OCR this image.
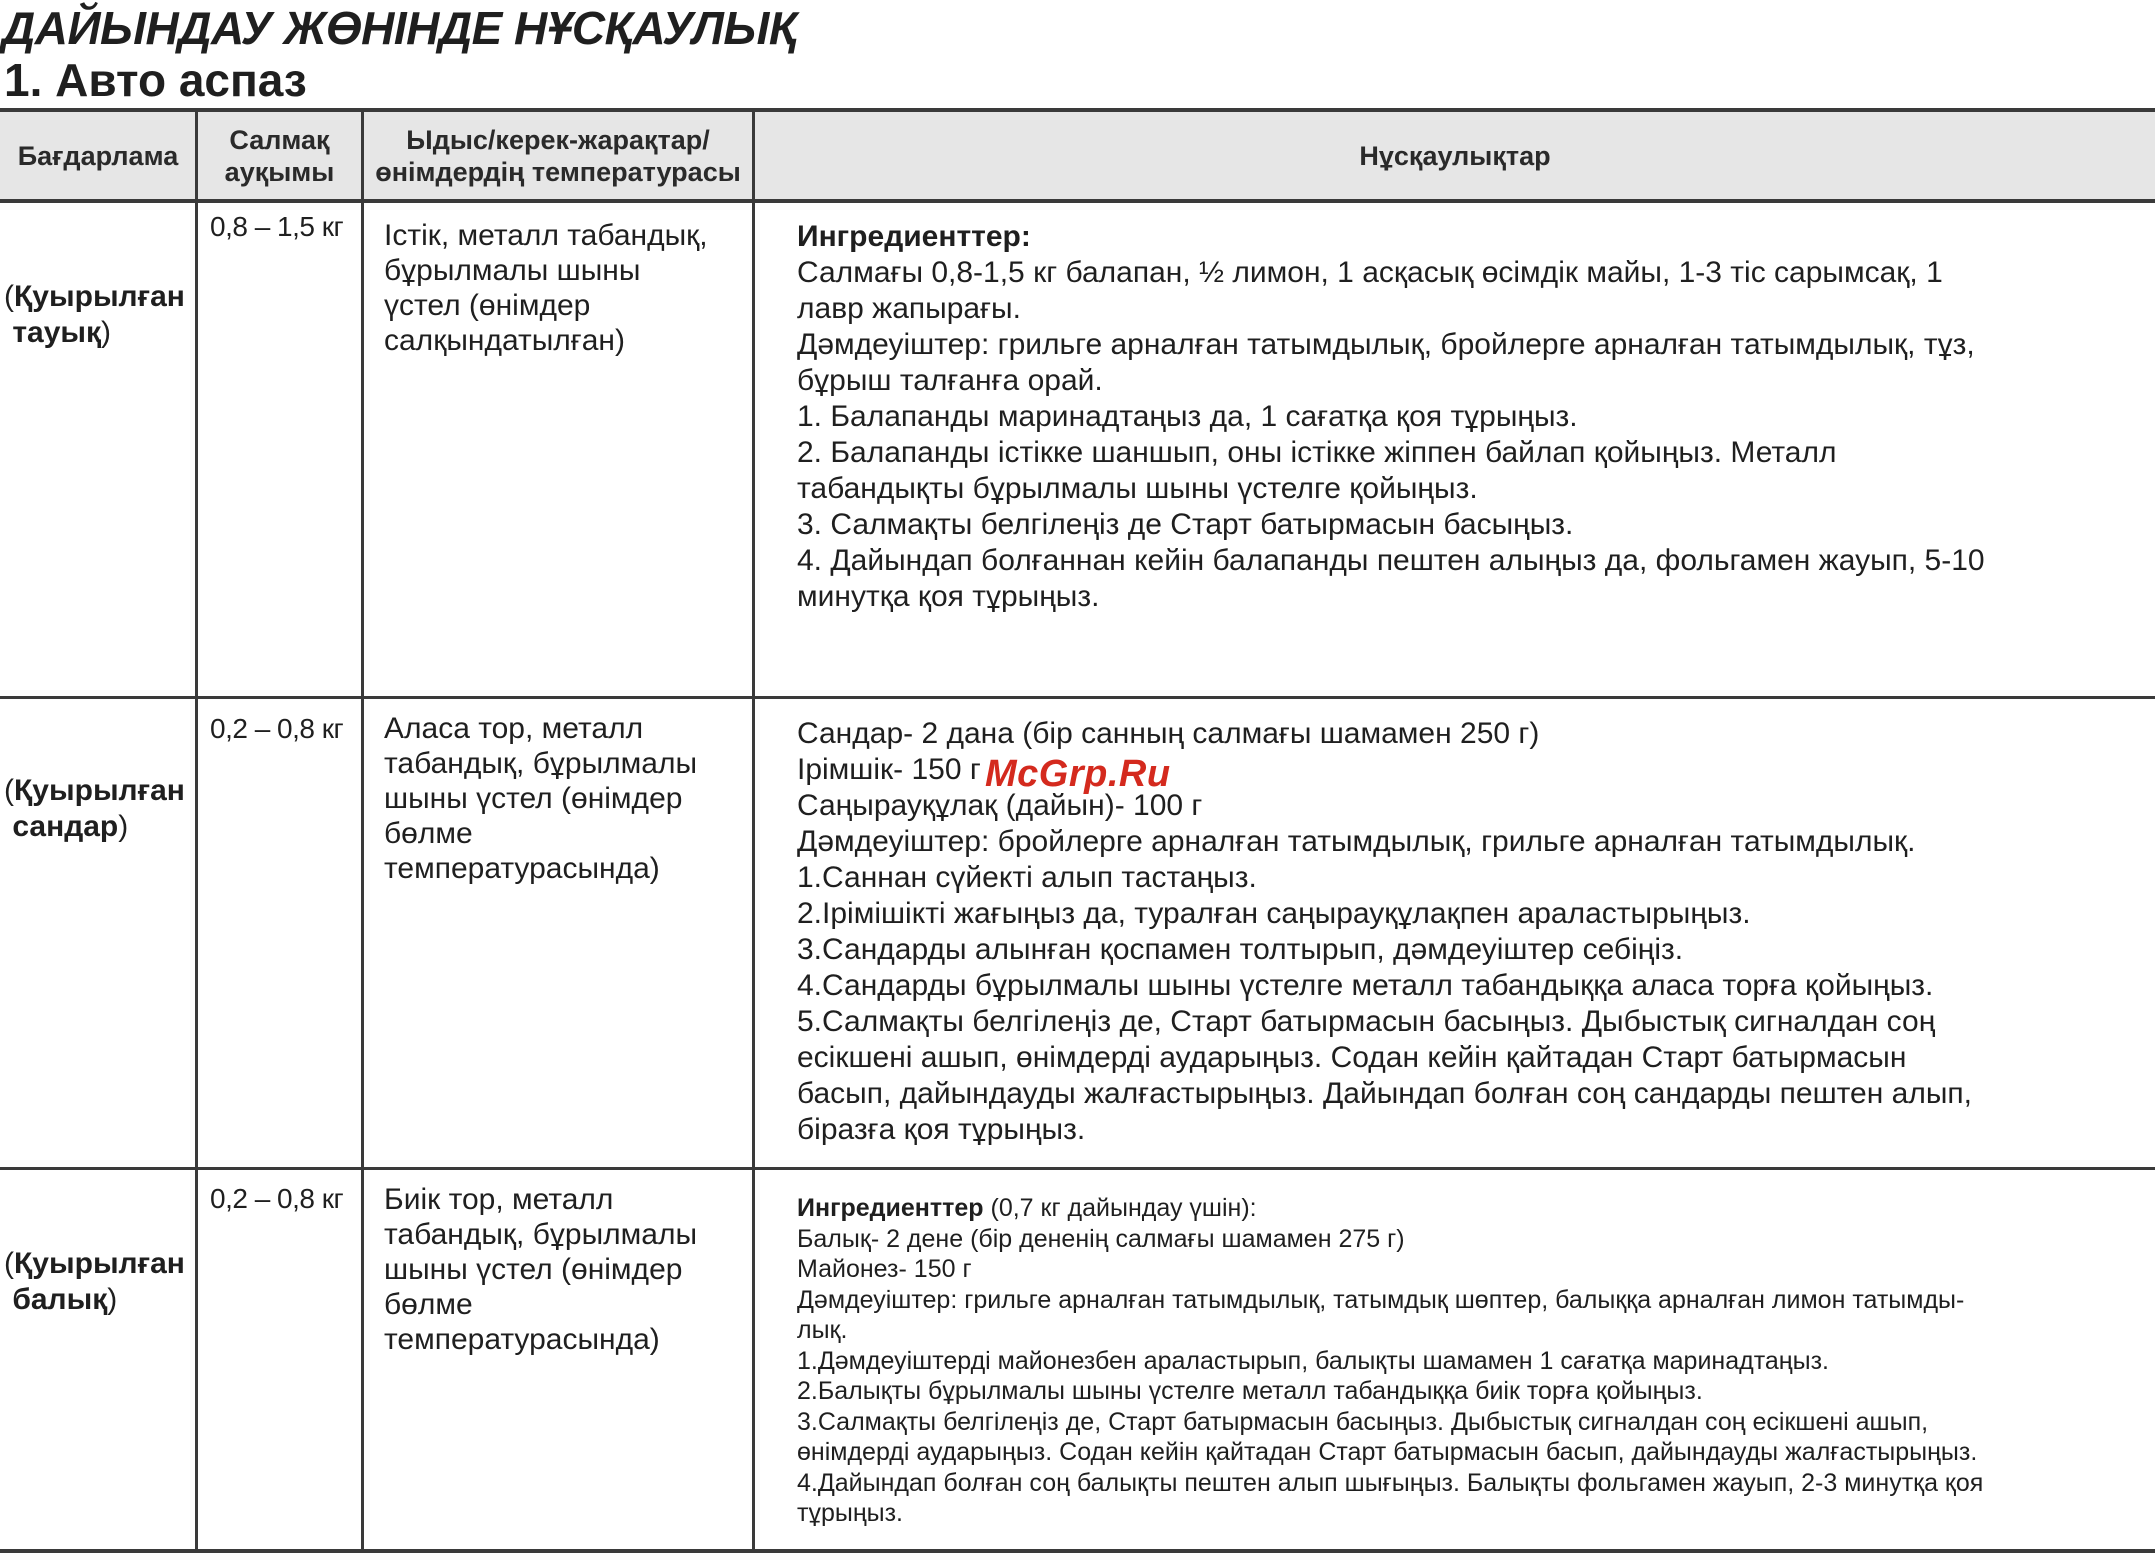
ДАЙЫНДАУ ЖӨНІНДЕ НҰСҚАУЛЫҚ
1. Авто аспаз
Бағдарлама
Салмақ
ауқымы
Ыдыс/керек-жарақтар/
өнімдердің температурасы
Нұсқаулықтар
(Қуырылған
тауық)
0,8 – 1,5 кг Істік, металл табандық,
бұрылмалы шыны
үстел (өнімдер
салқындатылған)
Ингредиенттер:
Салмағы 0,8-1,5 кг балапан, ½ лимон, 1 асқасық өсімдік майы, 1-3 тіс сарымсақ, 1
лавр жапырағы.
Дәмдеуіштер: грильге арналған татымдылық, бройлерге арналған татымдылық, тұз,
бұрыш талғанға орай.
1. Балапанды маринадтаңыз да, 1 сағатқа қоя тұрыңыз.
2. Балапанды істікке шаншып, оны істікке жіппен байлап қойыңыз. Металл
табандықты бұрылмалы шыны үстелге қойыңыз.
3. Салмақты белгілеңіз де Старт батырмасын басыңыз.
4. Дайындап болғаннан кейін балапанды пештен алыңыз да, фольгамен жауып, 5-10
минутқа қоя тұрыңыз.
(Қуырылған
сандар)
0,2 – 0,8 кг Аласа тор, металл
табандық, бұрылмалы
шыны үстел (өнімдер
бөлме
температурасында)
Сандар- 2 дана (бір санның салмағы шамамен 250 г)
Ірімшік- 150 г
Саңырауқұлақ (дайын)- 100 г
Дәмдеуіштер: бройлерге арналған татымдылық, грильге арналған татымдылық.
1.Саннан сүйекті алып тастаңыз.
2.Ірімішікті жағыңыз да, туралған саңырауқұлақпен араластырыңыз.
3.Сандарды алынған қоспамен толтырып, дәмдеуіштер себіңіз.
4.Сандарды бұрылмалы шыны үстелге металл табандыққа аласа торға қойыңыз.
5.Салмақты белгілеңіз де, Старт батырмасын басыңыз. Дыбыстық сигналдан соң
есікшені ашып, өнімдерді аударыңыз. Содан кейін қайтадан Старт батырмасын
басып, дайындауды жалғастырыңыз. Дайындап болған соң сандарды пештен алып,
біразға қоя тұрыңыз.
(Қуырылған
балық)
0,2 – 0,8 кг Биік тор, металл
табандық, бұрылмалы
шыны үстел (өнімдер
бөлме
температурасында)
Ингредиенттер (0,7 кг дайындау үшін):
Балық- 2 дене (бір дененің салмағы шамамен 275 г)
Майонез- 150 г
Дәмдеуіштер: грильге арналған татымдылық, татымдық шөптер, балыққа арналған лимон татымды-
лық.
1.Дәмдеуіштерді майонезбен араластырып, балықты шамамен 1 сағатқа маринадтаңыз.
2.Балықты бұрылмалы шыны үстелге металл табандыққа биік торға қойыңыз.
3.Салмақты белгілеңіз де, Старт батырмасын басыңыз. Дыбыстық сигналдан соң есікшені ашып,
өнімдерді аударыңыз. Содан кейін қайтадан Старт батырмасын басып, дайындауды жалғастырыңыз.
4.Дайындап болған соң балықты пештен алып шығыңыз. Балықты фольгамен жауып, 2-3 минутқа қоя
тұрыңыз.
McGrp.Ru
